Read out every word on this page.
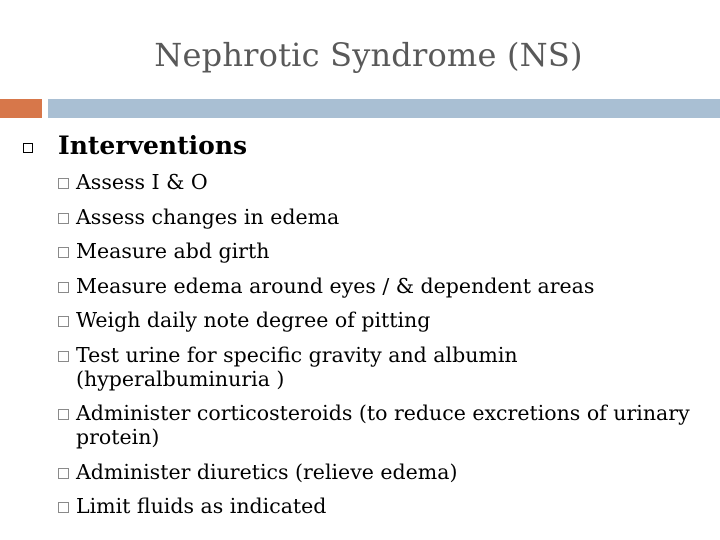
Nephrotic Syndrome (NS)
Interventions
Assess I & O
Assess changes in edema
Measure abd girth
Measure edema around eyes / & dependent areas
Weigh daily note degree of pitting
Test urine for specific gravity and albumin (hyperalbuminuria )
Administer corticosteroids (to reduce excretions of urinary protein)
Administer diuretics (relieve edema)
Limit fluids as indicated
